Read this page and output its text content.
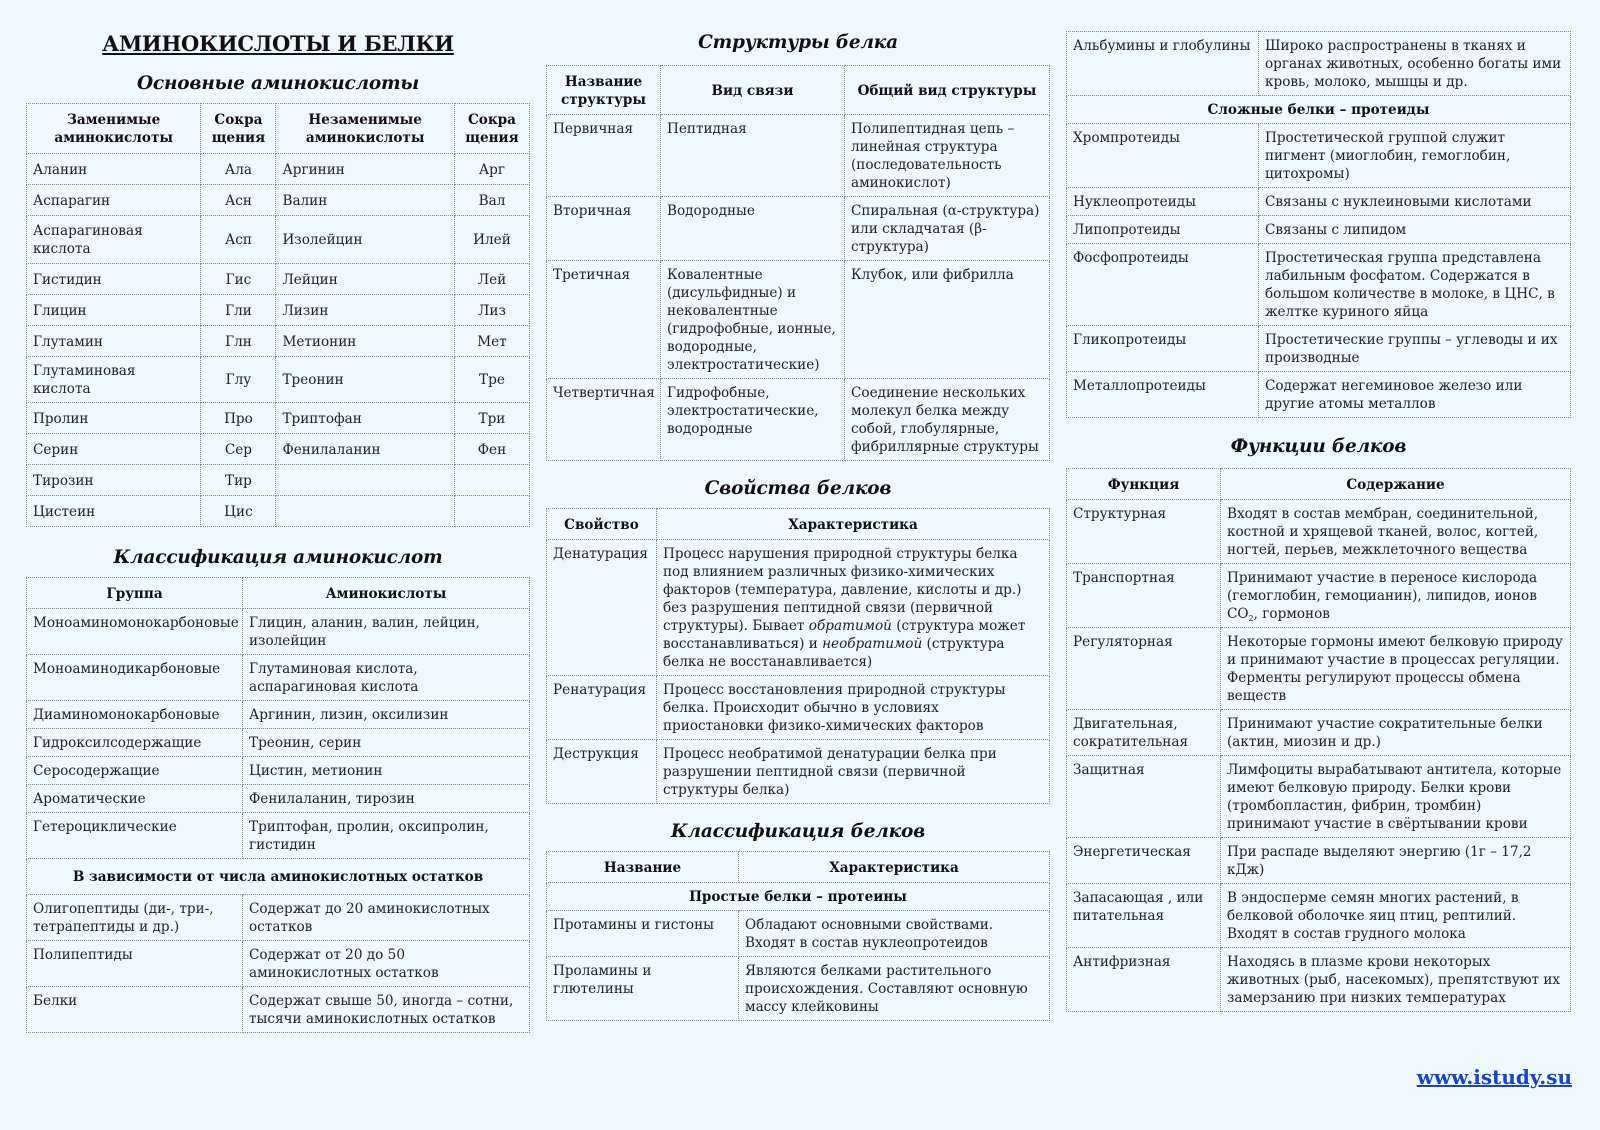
АМИНОКИСЛОТЫ И БЕЛКИ
Основные аминокислоты
Заменимые аминокислоты	Сокра щения	Незаменимые аминокислоты	Сокра щения
Аланин	Ала	Аргинин	Арг
Аспарагин	Асн	Валин	Вал
Аспарагиновая кислота	Асп	Изолейцин	Илей
Гистидин	Гис	Лейцин	Лей
Глицин	Гли	Лизин	Лиз
Глутамин	Глн	Метионин	Мет
Глутаминовая кислота	Глу	Треонин	Тре
Пролин	Про	Триптофан	Три
Серин	Сер	Фенилаланин	Фен
Тирозин	Тир		
Цистеин	Цис		
Классификация аминокислот
Группа	Аминокислоты
Моноаминомонокарбоновые	Глицин, аланин, валин, лейцин, изолейцин
Моноаминодикарбоновые	Глутаминовая кислота, аспарагиновая кислота
Диаминомонокарбоновые	Аргинин, лизин, оксилизин
Гидроксилсодержащие	Треонин, серин
Серосодержащие	Цистин, метионин
Ароматические	Фенилаланин, тирозин
Гетероциклические	Триптофан, пролин, оксипролин, гистидин
В зависимости от числа аминокислотных остатков	
Олигопептиды (ди-, три-, тетрапептиды и др.)	Содержат до 20 аминокислотных остатков
Полипептиды	Содержат от 20 до 50 аминокислотных остатков
Белки	Содержат свыше 50, иногда – сотни, тысячи аминокислотных остатков
Структуры белка
Название структуры	Вид связи	Общий вид структуры
Первичная	Пептидная	Полипептидная цепь – линейная структура (последовательность аминокислот)
Вторичная	Водородные	Спиральная (α-структура) или складчатая (β-структура)
Третичная	Ковалентные (дисульфидные) и нековалентные (гидрофобные, ионные, водородные, электростатические)	Клубок, или фибрилла
Четвертичная	Гидрофобные, электростатические, водородные	Соединение нескольких молекул белка между собой, глобулярные, фибриллярные структуры
Свойства белков
Свойство	Характеристика
Денатурация	Процесс нарушения природной структуры белка под влиянием различных физико-химических факторов (температура, давление, кислоты и др.) без разрушения пептидной связи (первичной структуры). Бывает обратимой (структура может восстанавливаться) и необратимой (структура белка не восстанавливается)
Ренатурация	Процесс восстановления природной структуры белка. Происходит обычно в условиях приостановки физико-химических факторов
Деструкция	Процесс необратимой денатурации белка при разрушении пептидной связи (первичной структуры белка)
Классификация белков
Название	Характеристика
Простые белки – протеины	
Протамины и гистоны	Обладают основными свойствами. Входят в состав нуклеопротеидов
Проламины и глютелины	Являются белками растительного происхождения. Составляют основную массу клейковины
Альбумины и глобулины	Широко распространены в тканях и органах животных, особенно богаты ими кровь, молоко, мышцы и др.
Сложные белки – протеиды	
Хромпротеиды	Простетической группой служит пигмент (миоглобин, гемоглобин, цитохромы)
Нуклеопротеиды	Связаны с нуклеиновыми кислотами
Липопротеиды	Связаны с липидом
Фосфопротеиды	Простетическая группа представлена лабильным фосфатом. Содержатся в большом количестве в молоке, в ЦНС, в желтке куриного яйца
Гликопротеиды	Простетические группы – углеводы и их производные
Металлопротеиды	Содержат негеминовое железо или другие атомы металлов
Функции белков
Функция	Содержание
Структурная	Входят в состав мембран, соединительной, костной и хрящевой тканей, волос, когтей, ногтей, перьев, межклеточного вещества
Транспортная	Принимают участие в переносе кислорода (гемоглобин, гемоцианин), липидов, ионов $CO_2$, гормонов
Регуляторная	Некоторые гормоны имеют белковую природу и принимают участие в процессах регуляции. Ферменты регулируют процессы обмена веществ
Двигательная, сократительная	Принимают участие сократительные белки (актин, миозин и др.)
Защитная	Лимфоциты вырабатывают антитела, которые имеют белковую природу. Белки крови (тромбопластин, фибрин, тромбин) принимают участие в свёртывании крови
Энергетическая	При распаде выделяют энергию (1г – 17,2 кДж)
Запасающая , или питательная	В эндосперме семян многих растений, в белковой оболочке яиц птиц, рептилий. Входят в состав грудного молока
Антифризная	Находясь в плазме крови некоторых животных (рыб, насекомых), препятствуют их замерзанию при низких температурах
www.istudy.su
